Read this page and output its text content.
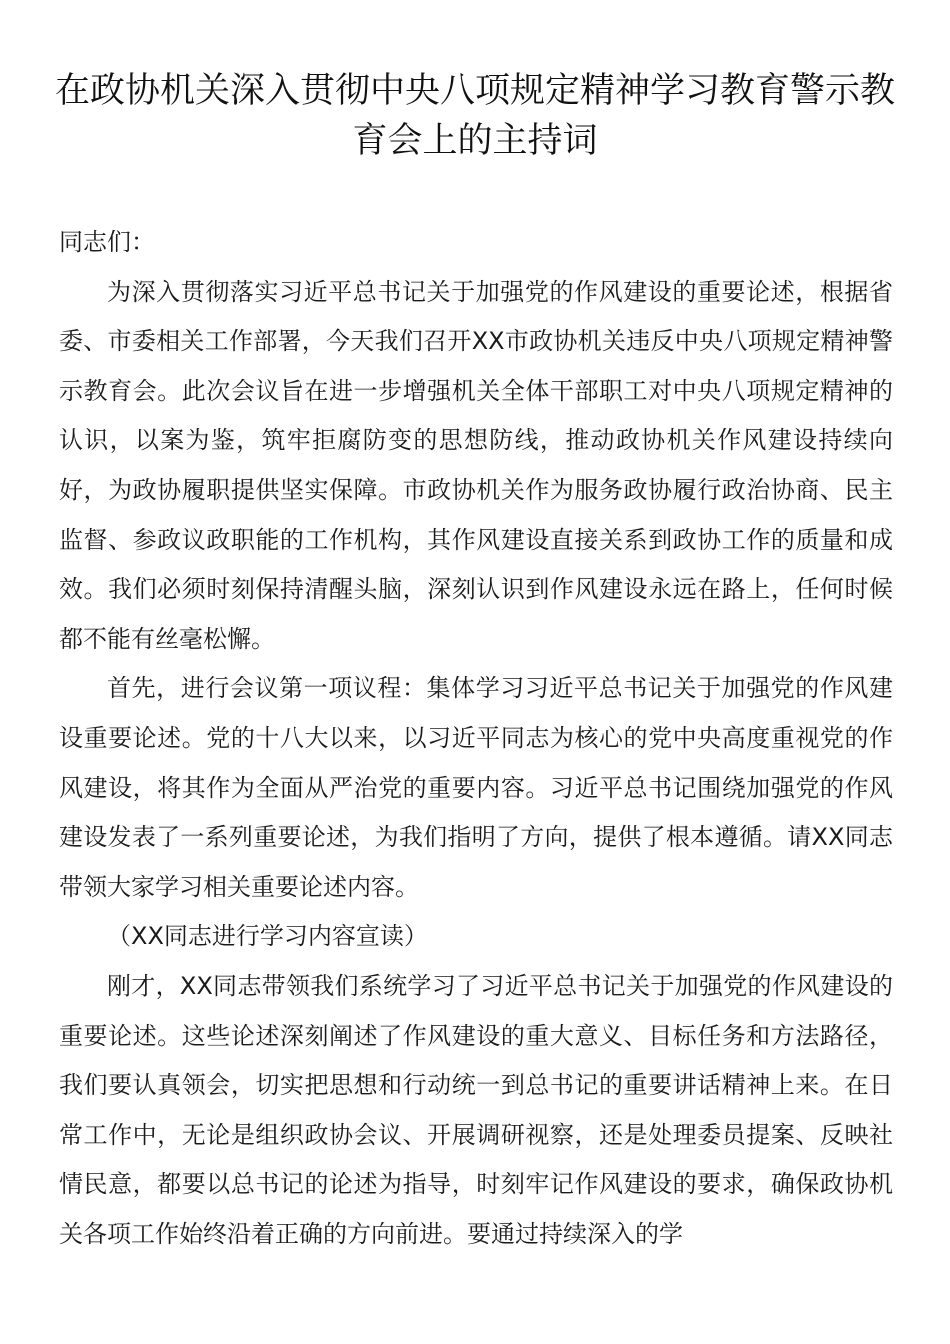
在政协机关深入贯彻中央八项规定精神学习教育警示教育会上的主持词

同志们：

为深入贯彻落实习近平总书记关于加强党的作风建设的重要论述，根据省委、市委相关工作部署，今天我们召开XX市政协机关违反中央八项规定精神警示教育会。此次会议旨在进一步增强机关全体干部职工对中央八项规定精神的认识，以案为鉴，筑牢拒腐防变的思想防线，推动政协机关作风建设持续向好，为政协履职提供坚实保障。市政协机关作为服务政协履行政治协商、民主监督、参政议政职能的工作机构，其作风建设直接关系到政协工作的质量和成效。我们必须时刻保持清醒头脑，深刻认识到作风建设永远在路上，任何时候都不能有丝毫松懈。

首先，进行会议第一项议程：集体学习习近平总书记关于加强党的作风建设重要论述。党的十八大以来，以习近平同志为核心的党中央高度重视党的作风建设，将其作为全面从严治党的重要内容。习近平总书记围绕加强党的作风建设发表了一系列重要论述，为我们指明了方向，提供了根本遵循。请XX同志带领大家学习相关重要论述内容。

（XX同志进行学习内容宣读）

刚才，XX同志带领我们系统学习了习近平总书记关于加强党的作风建设的重要论述。这些论述深刻阐述了作风建设的重大意义、目标任务和方法路径，我们要认真领会，切实把思想和行动统一到总书记的重要讲话精神上来。在日常工作中，无论是组织政协会议、开展调研视察，还是处理委员提案、反映社情民意，都要以总书记的论述为指导，时刻牢记作风建设的要求，确保政协机关各项工作始终沿着正确的方向前进。要通过持续深入的学
